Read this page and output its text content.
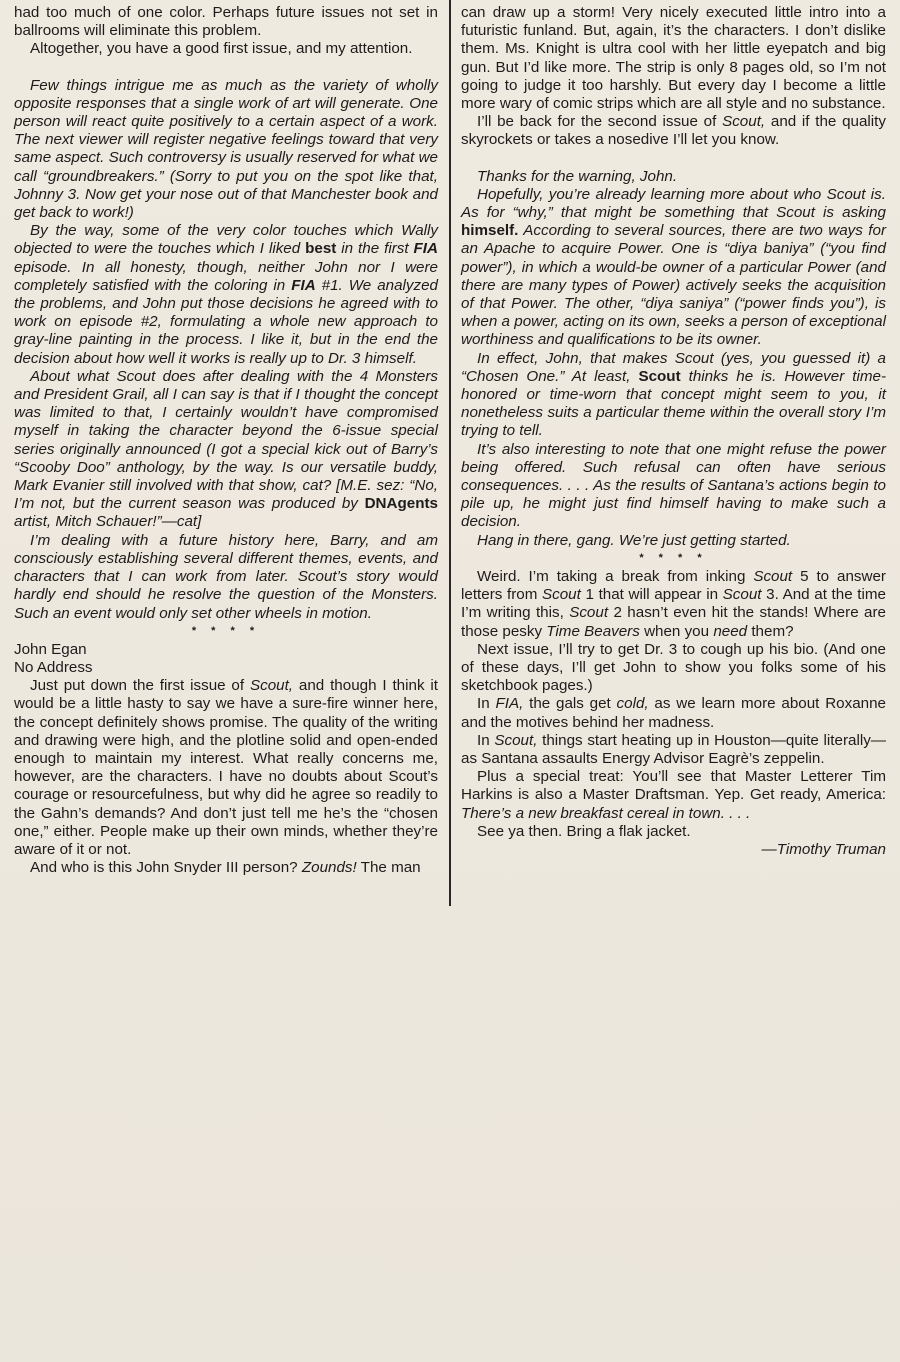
had too much of one color. Perhaps future issues not set in ballrooms will eliminate this problem.

Altogether, you have a good first issue, and my attention.

Few things intrigue me as much as the variety of wholly opposite responses that a single work of art will generate. One person will react quite positively to a certain aspect of a work. The next viewer will register negative feelings toward that very same aspect. Such controversy is usually reserved for what we call “groundbreakers.” (Sorry to put you on the spot like that, Johnny 3. Now get your nose out of that Manchester book and get back to work!)

By the way, some of the very color touches which Wally objected to were the touches which I liked best in the first FIA episode. In all honesty, though, neither John nor I were completely satisfied with the coloring in FIA #1. We analyzed the problems, and John put those decisions he agreed with to work on episode #2, formulating a whole new approach to gray-line painting in the process. I like it, but in the end the decision about how well it works is really up to Dr. 3 himself.

About what Scout does after dealing with the 4 Monsters and President Grail, all I can say is that if I thought the concept was limited to that, I certainly wouldn’t have compromised myself in taking the character beyond the 6-issue special series originally announced (I got a special kick out of Barry’s “Scooby Doo” anthology, by the way. Is our versatile buddy, Mark Evanier still involved with that show, cat? [M.E. sez: “No, I’m not, but the current season was produced by DNAgents artist, Mitch Schauer!”—cat]

I’m dealing with a future history here, Barry, and am consciously establishing several different themes, events, and characters that I can work from later. Scout’s story would hardly end should he resolve the question of the Monsters. Such an event would only set other wheels in motion.

* * * *

John Egan

No Address

Just put down the first issue of Scout, and though I think it would be a little hasty to say we have a sure-fire winner here, the concept definitely shows promise. The quality of the writing and drawing were high, and the plotline solid and open-ended enough to maintain my interest. What really concerns me, however, are the characters. I have no doubts about Scout’s courage or resourcefulness, but why did he agree so readily to the Gahn’s demands? And don’t just tell me he’s the “chosen one,” either. People make up their own minds, whether they’re aware of it or not.

And who is this John Snyder III person? Zounds! The man

can draw up a storm! Very nicely executed little intro into a futuristic funland. But, again, it’s the characters. I don’t dislike them. Ms. Knight is ultra cool with her little eyepatch and big gun. But I’d like more. The strip is only 8 pages old, so I’m not going to judge it too harshly. But every day I become a little more wary of comic strips which are all style and no substance.

I’ll be back for the second issue of Scout, and if the quality skyrockets or takes a nosedive I’ll let you know.

Thanks for the warning, John.

Hopefully, you’re already learning more about who Scout is. As for “why,” that might be something that Scout is asking himself. According to several sources, there are two ways for an Apache to acquire Power. One is “diya baniya” (“you find power”), in which a would-be owner of a particular Power (and there are many types of Power) actively seeks the acquisition of that Power. The other, “diya saniya” (“power finds you”), is when a power, acting on its own, seeks a person of exceptional worthiness and qualifications to be its owner.

In effect, John, that makes Scout (yes, you guessed it) a “Chosen One.” At least, Scout thinks he is. However time-honored or time-worn that concept might seem to you, it nonetheless suits a particular theme within the overall story I’m trying to tell.

It’s also interesting to note that one might refuse the power being offered. Such refusal can often have serious consequences. . . . As the results of Santana’s actions begin to pile up, he might just find himself having to make such a decision.

Hang in there, gang. We’re just getting started.

* * * *

Weird. I’m taking a break from inking Scout 5 to answer letters from Scout 1 that will appear in Scout 3. And at the time I’m writing this, Scout 2 hasn’t even hit the stands! Where are those pesky Time Beavers when you need them?

Next issue, I’ll try to get Dr. 3 to cough up his bio. (And one of these days, I’ll get John to show you folks some of his sketchbook pages.)

In FIA, the gals get cold, as we learn more about Roxanne and the motives behind her madness.

In Scout, things start heating up in Houston—quite literally—as Santana assaults Energy Advisor Eagrè’s zeppelin.

Plus a special treat: You’ll see that Master Letterer Tim Harkins is also a Master Draftsman. Yep. Get ready, America: There’s a new breakfast cereal in town. . . .

See ya then. Bring a flak jacket.

—Timothy Truman
